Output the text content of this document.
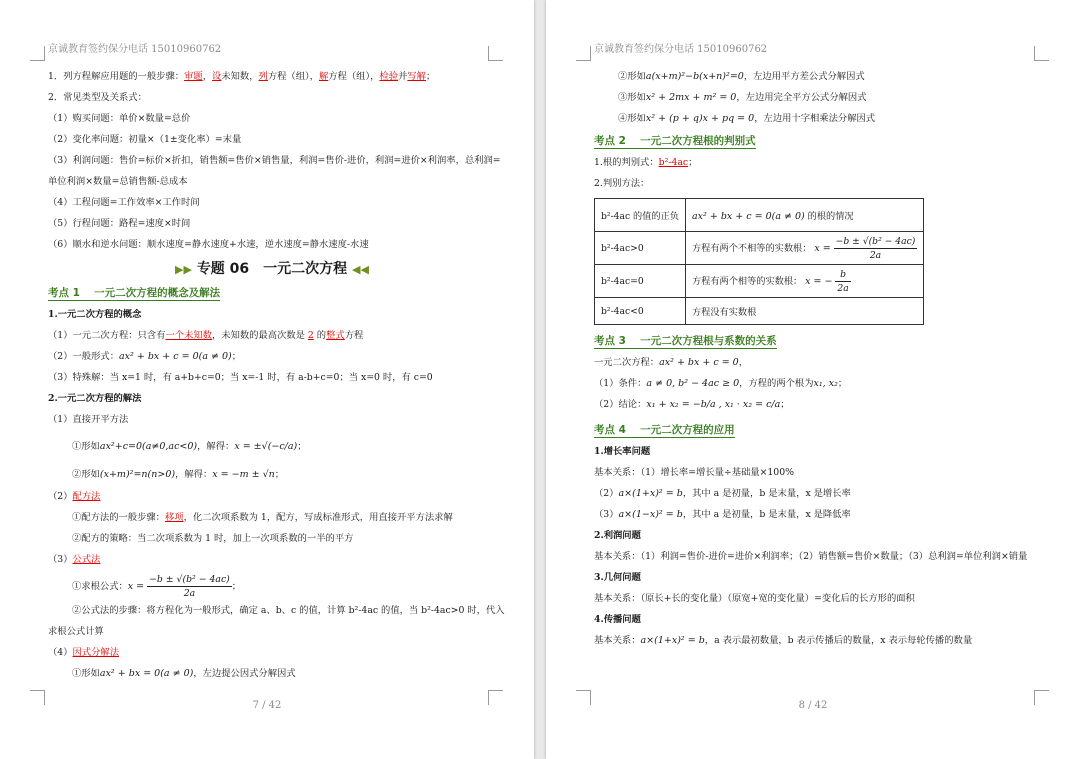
京诚教育签约保分电话 15010960762
1．列方程解应用题的一般步骤：审题，设未知数，列方程（组），解方程（组），检验并写解；
2．常见类型及关系式：
（1）购买问题：单价×数量=总价
（2）变化率问题：初量×（1±变化率）=末量
（3）利润问题：售价=标价×折扣，销售额=售价×销售量，利润=售价-进价，利润=进价×利润率，总利润=
单位利润×数量=总销售额-总成本
（4）工程问题=工作效率×工作时间
（5）行程问题：路程=速度×时间
（6）顺水和逆水问题：顺水速度=静水速度+水速，逆水速度=静水速度-水速
▶▶ 专题 06　一元二次方程 ◀◀
考点 1　 一元二次方程的概念及解法
1.一元二次方程的概念
（1）一元二次方程：只含有一个未知数，未知数的最高次数是 2 的整式方程
（2）一般形式：ax² + bx + c = 0(a ≠ 0)；
（3）特殊解：当 x=1 时，有 a+b+c=0；当 x=-1 时，有 a-b+c=0；当 x=0 时，有 c=0
2.一元二次方程的解法
（1）直接开平方法
①形如ax²+c=0(a≠0,ac<0)，解得：x = ±√(−c/a)；
②形如(x+m)²=n(n>0)，解得：x = −m ± √n；
（2）配方法
①配方法的一般步骤：移项，化二次项系数为 1，配方，写成标准形式，用直接开平方法求解
②配方的策略：当二次项系数为 1 时，加上一次项系数的一半的平方
（3）公式法
①求根公式：$x = \frac{\text{−b ± √(b² − 4ac)}}{2a}$ ；
②公式法的步骤：将方程化为一般形式，确定 a、b、c 的值，计算 b²-4ac 的值，当 b²-4ac>0 时，代入
求根公式计算
（4）因式分解法
①形如ax² + bx = 0(a ≠ 0)，左边提公因式分解因式
7 / 42
京诚教育签约保分电话 15010960762
②形如a(x+m)²−b(x+n)²=0，左边用平方差公式分解因式
③形如x² + 2mx + m² = 0，左边用完全平方公式分解因式
④形如x² + (p + q)x + pq = 0，左边用十字相乘法分解因式
考点 2　 一元二次方程根的判别式
1.根的判别式：b²-4ac；
2.判别方法：
b²-4ac 的值的正负	ax² + bx + c = 0(a ≠ 0) 的根的情况
b²-4ac>0	方程有两个不相等的实数根： $x = \frac{\text{−b ± √(b² − 4ac)}}{2a}$

b²-4ac=0	方程有两个相等的实数根： x = − $\frac{b}{2a}$

b²-4ac<0	方程没有实数根
考点 3　 一元二次方程根与系数的关系
一元二次方程：ax² + bx + c = 0，
（1）条件：a ≠ 0, b² − 4ac ≥ 0，方程的两个根为x₁, x₂；
（2）结论：x₁ + x₂ = −b/a , x₁ · x₂ = c/a；
考点 4　 一元二次方程的应用
1.增长率问题
基本关系：（1）增长率=增长量÷基础量×100%
（2）a×(1+x)² = b，其中 a 是初量，b 是末量，x 是增长率
（3）a×(1−x)² = b，其中 a 是初量，b 是末量，x 是降低率
2.利润问题
基本关系：（1）利润=售价-进价=进价×利润率；（2）销售额=售价×数量；（3）总利润=单位利润×销量
3.几何问题
基本关系：（原长+长的变化量）（原宽+宽的变化量）=变化后的长方形的面积
4.传播问题
基本关系：a×(1+x)² = b，a 表示最初数量，b 表示传播后的数量，x 表示每轮传播的数量
8 / 42
